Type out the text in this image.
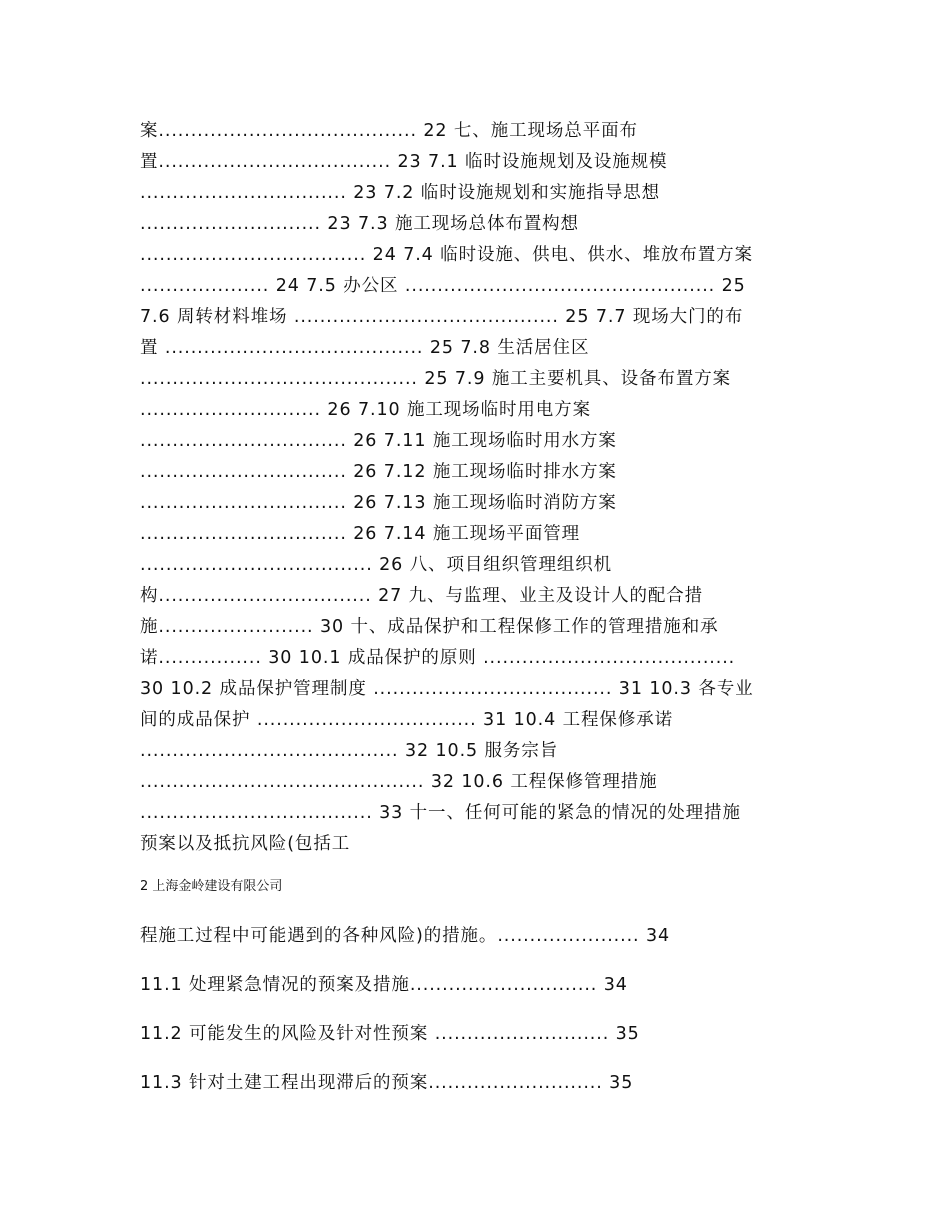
案........................................ 22 七、施工现场总平面布
置.................................... 23 7.1 临时设施规划及设施规模
................................ 23 7.2 临时设施规划和实施指导思想
............................ 23 7.3 施工现场总体布置构想
................................... 24 7.4 临时设施、供电、供水、堆放布置方案
.................... 24 7.5 办公区 ................................................ 25
7.6 周转材料堆场 ......................................... 25 7.7 现场大门的布
置 ........................................ 25 7.8 生活居住区
........................................... 25 7.9 施工主要机具、设备布置方案
............................ 26 7.10 施工现场临时用电方案
................................ 26 7.11 施工现场临时用水方案
................................ 26 7.12 施工现场临时排水方案
................................ 26 7.13 施工现场临时消防方案
................................ 26 7.14 施工现场平面管理
.................................... 26 八、项目组织管理组织机
构................................. 27 九、与监理、业主及设计人的配合措
施........................ 30 十、成品保护和工程保修工作的管理措施和承
诺................ 30 10.1 成品保护的原则 .......................................
30 10.2 成品保护管理制度 ..................................... 31 10.3 各专业
间的成品保护 .................................. 31 10.4 工程保修承诺
........................................ 32 10.5 服务宗旨
............................................ 32 10.6 工程保修管理措施
.................................... 33 十一、任何可能的紧急的情况的处理措施
预案以及抵抗风险(包括工
2 上海金岭建设有限公司
程施工过程中可能遇到的各种风险)的措施。...................... 34
11.1 处理紧急情况的预案及措施............................. 34
11.2 可能发生的风险及针对性预案 ........................... 35
11.3 针对土建工程出现滞后的预案........................... 35
